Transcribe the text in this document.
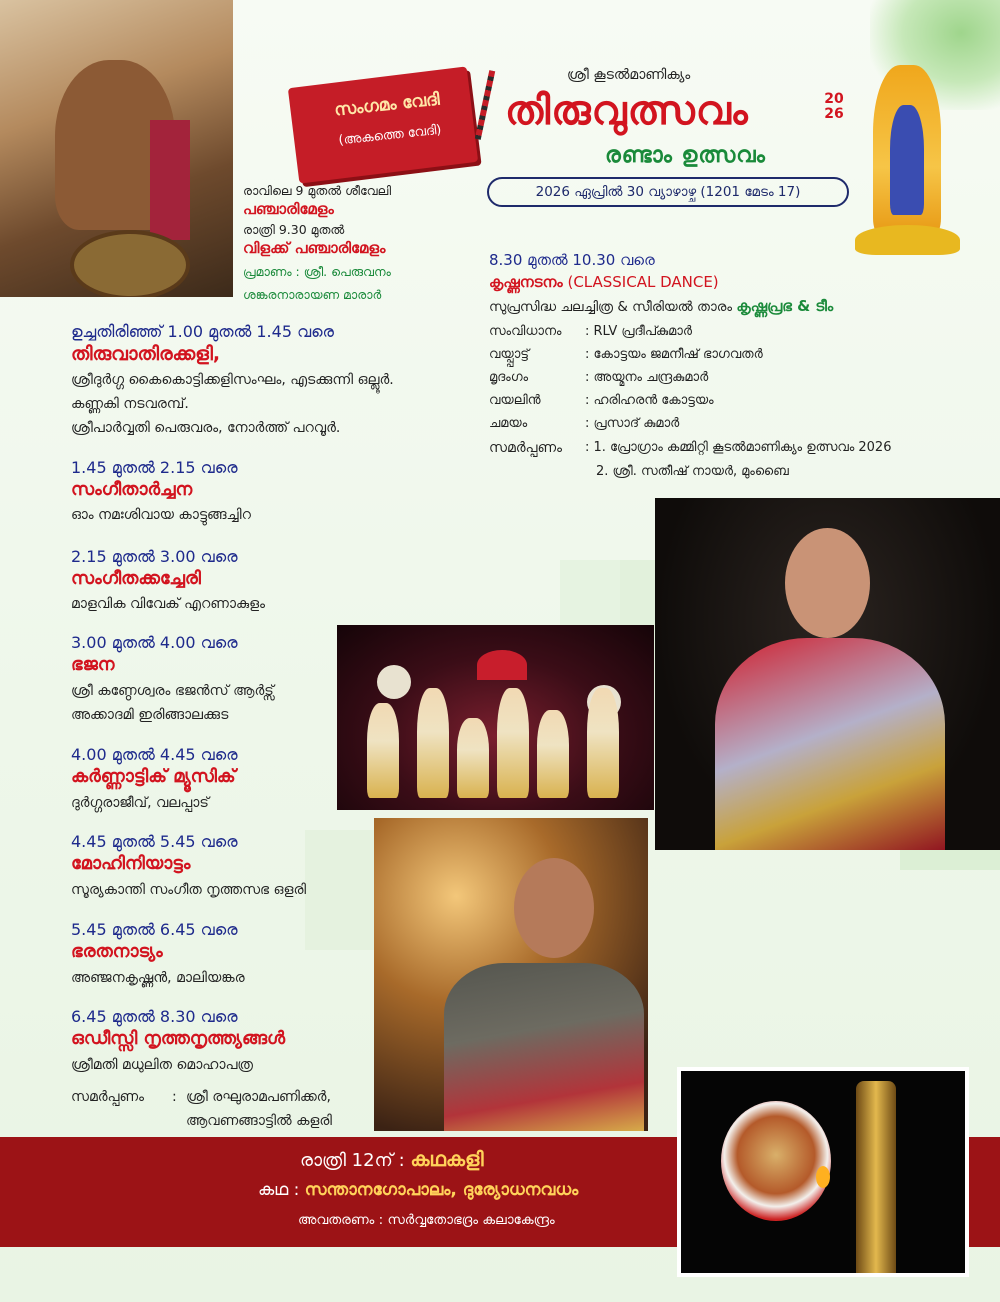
സംഗമം വേദി
(അകത്തെ വേദി)
ശ്രീ കൂടൽമാണിക്യം
തിരുവുത്സവം	20
26
രണ്ടാം ഉത്സവം
2026 ഏപ്രിൽ 30 വ്യാഴാഴ്ച (1201 മേടം 17)
രാവിലെ 9 മുതൽ ശീവേലി
പഞ്ചാരിമേളം
രാത്രി 9.30 മുതൽ
വിളക്ക് പഞ്ചാരിമേളം
പ്രമാണം : ശ്രീ. പെരുവനം
ശങ്കരനാരായണ മാരാർ
ഉച്ചതിരിഞ്ഞ് 1.00 മുതൽ 1.45 വരെ
തിരുവാതിരക്കളി,
ശ്രീദുർഗ്ഗ കൈകൊട്ടിക്കളിസംഘം, എടക്കുന്നി ഒല്ലൂർ.
കണ്ണകി നടവരമ്പ്.
ശ്രീപാർവ്വതി പെരുവരം, നോർത്ത് പറവൂർ.
1.45 മുതൽ 2.15 വരെ
സംഗീതാർച്ചന
ഓം നമഃശിവായ കാട്ടുങ്ങച്ചിറ
2.15 മുതൽ 3.00 വരെ
സംഗീതക്കച്ചേരി
മാളവിക വിവേക് എറണാകുളം
3.00 മുതൽ 4.00 വരെ
ഭജന
ശ്രീ കണ്ഠേശ്വരം ഭജൻസ് ആർട്സ്
അക്കാദമി ഇരിങ്ങാലക്കുട
4.00 മുതൽ 4.45 വരെ
കർണ്ണാട്ടിക് മ്യൂസിക്
ദുർഗ്ഗരാജീവ്, വലപ്പാട്
4.45 മുതൽ 5.45 വരെ
മോഹിനിയാട്ടം
സൂര്യകാന്തി സംഗീത നൃത്തസഭ ഒളരി
5.45 മുതൽ 6.45 വരെ
ഭരതനാട്യം
അഞ്ജനകൃഷ്ണൻ, മാലിയങ്കര
6.45 മുതൽ 8.30 വരെ
ഒഡീസ്സി നൃത്തനൃത്ത്യങ്ങൾ
ശ്രീമതി മധുലിത മൊഹാപത്ര
സമർപ്പണം : ശ്രീ രഘുരാമപണിക്കർ,
ആവണങ്ങാട്ടിൽ കളരി
8.30 മുതൽ 10.30 വരെ
കൃഷ്ണനടനം (CLASSICAL DANCE)
സുപ്രസിദ്ധ ചലച്ചിത്ര & സീരിയൽ താരം കൃഷ്ണപ്രഭ & ടീം
സംവിധാനം : RLV പ്രദീപ്കുമാർ
വയ്പ്പാട്ട്	: കോട്ടയം ജമനീഷ് ഭാഗവതർ
മൃദംഗം	: അയ്മനം ചന്ദ്രകുമാർ
വയലിൻ	: ഹരിഹരൻ കോട്ടയം
ചമയം	: പ്രസാദ് കുമാർ
സമർപ്പണം : 1. പ്രോഗ്രാം കമ്മിറ്റി കൂടൽമാണിക്യം ഉത്സവം 2026
2. ശ്രീ. സതീഷ് നായർ, മുംബൈ
രാത്രി 12ന് : കഥകളി
കഥ : സന്താനഗോപാലം, ദുര്യോധനവധം
അവതരണം : സർവ്വതോഭദ്രം കലാകേന്ദ്രം
